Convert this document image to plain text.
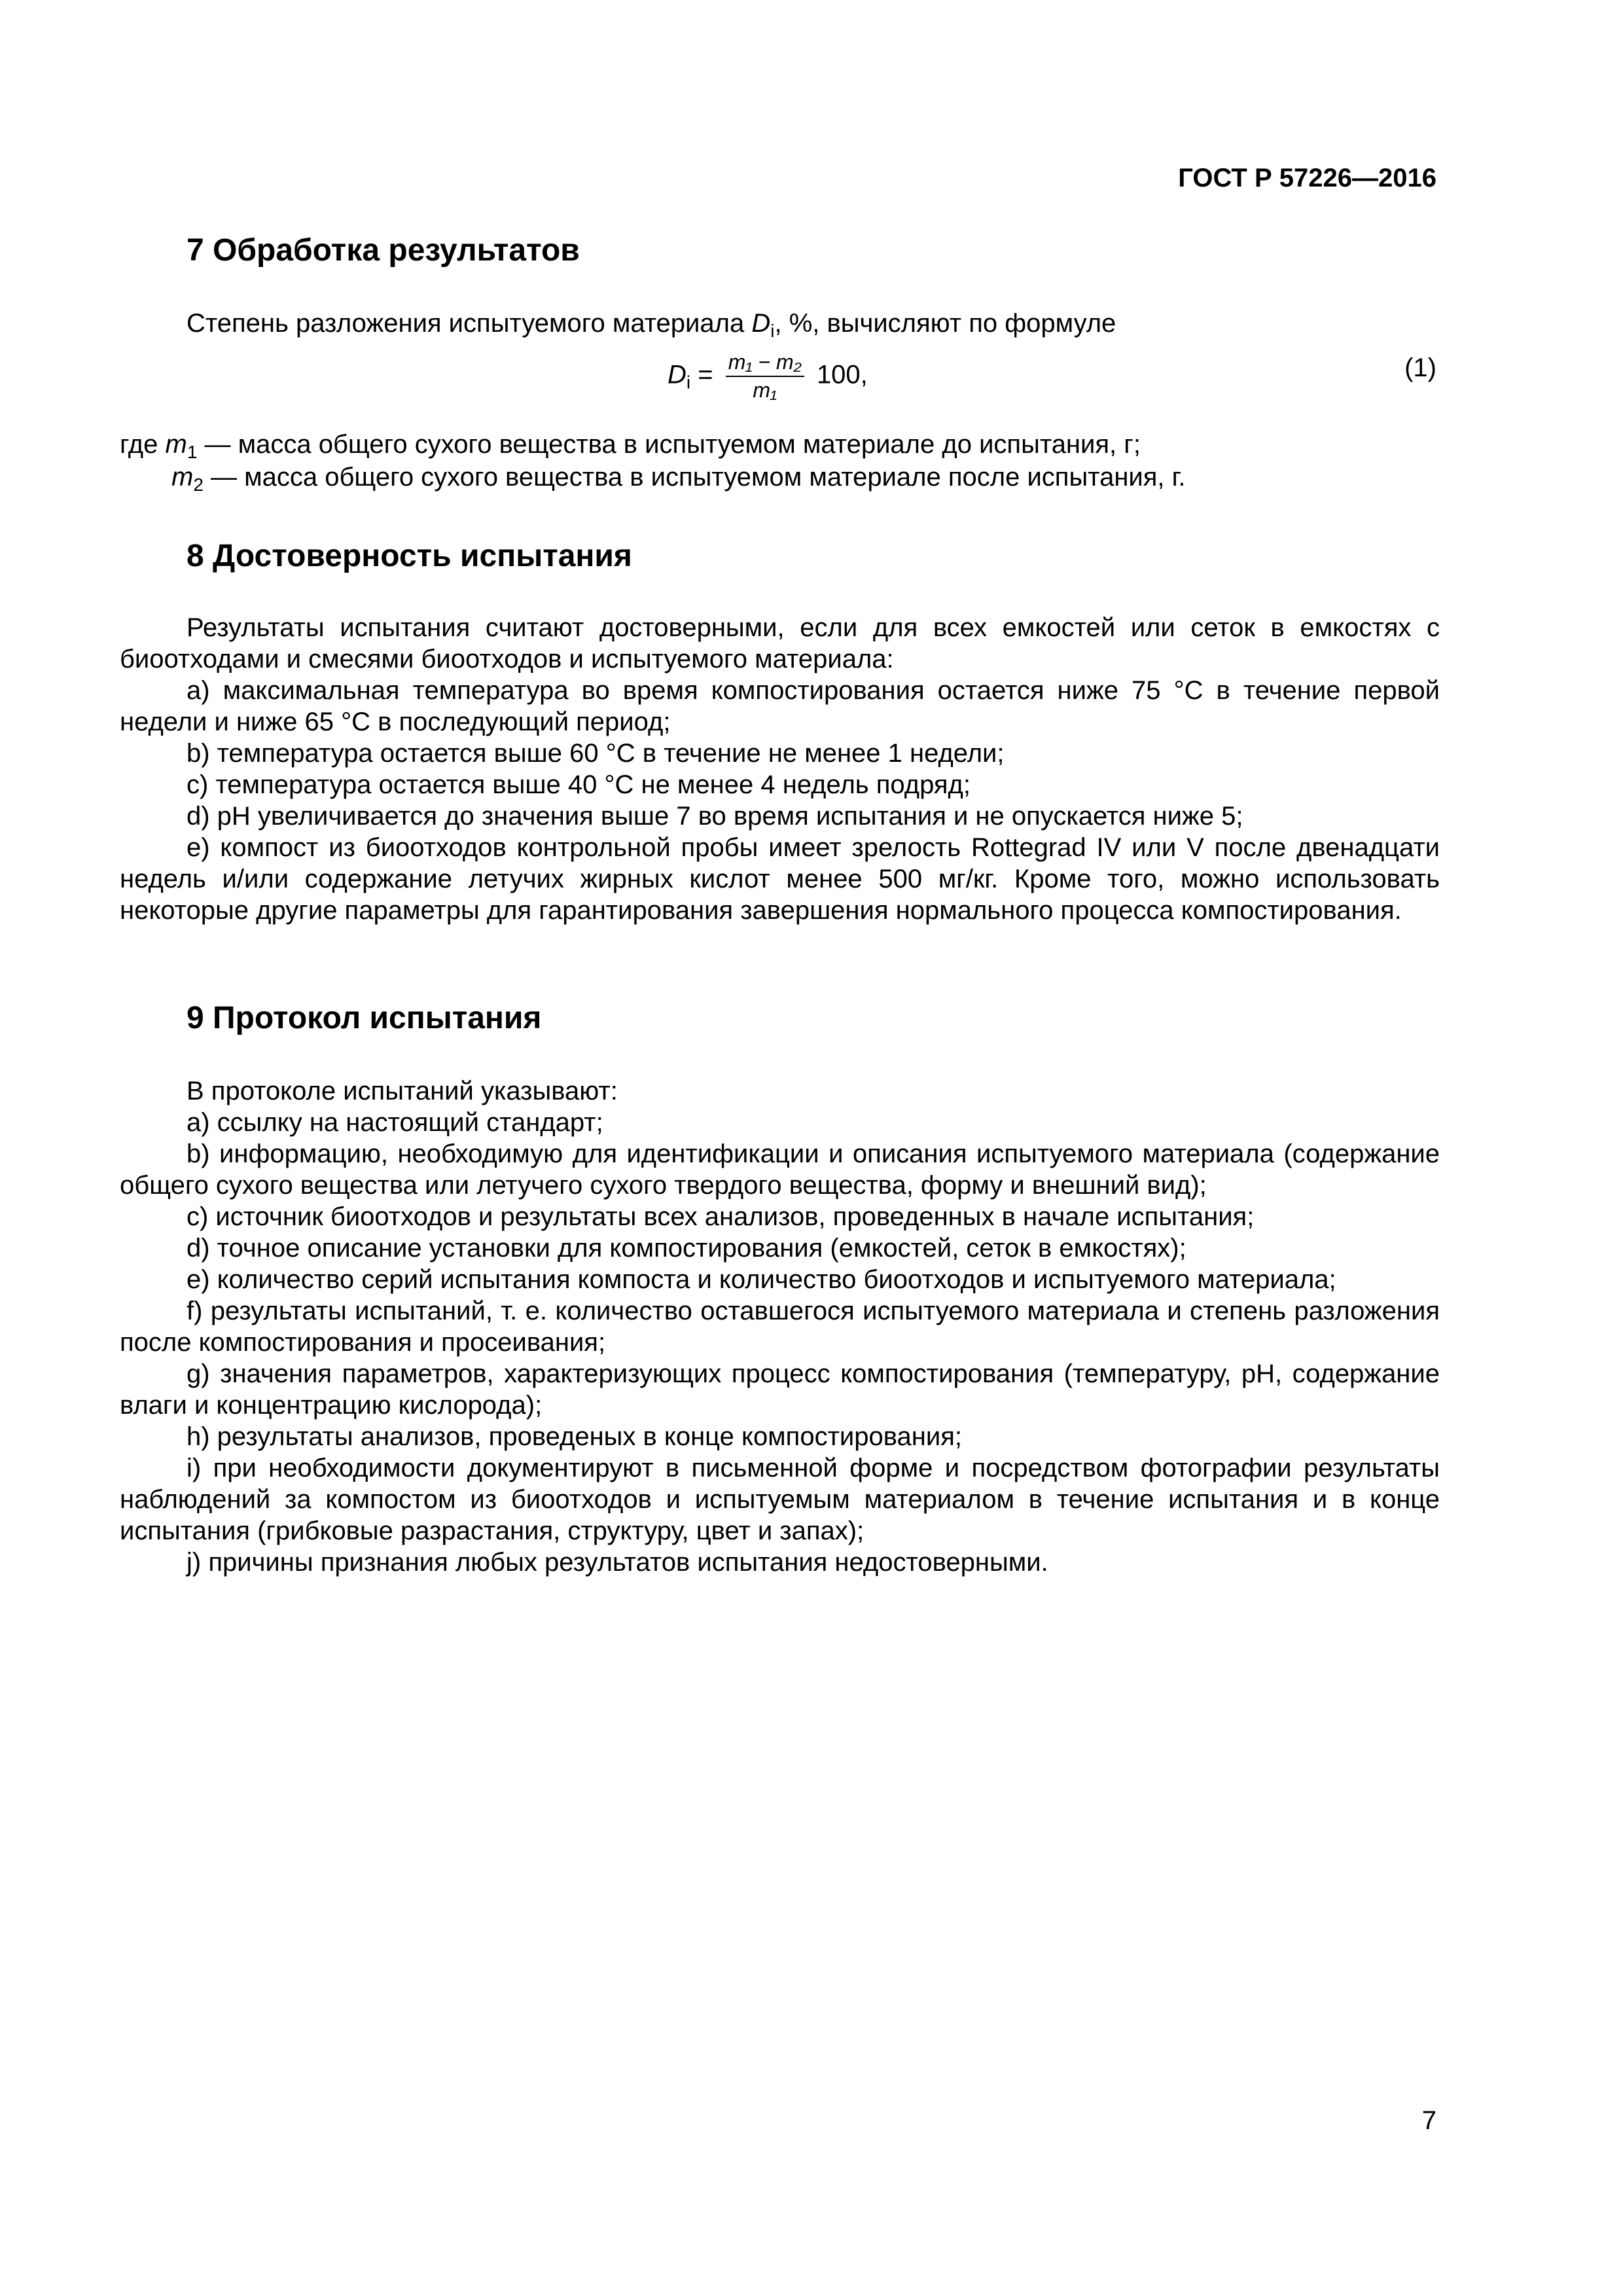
ГОСТ Р 57226—2016
7 Обработка результатов

Степень разложения испытуемого материала $D_i$, %, вычисляют по формуле

$D_i = \frac{\text{m₁ − m₂}}{\text{m₁}} 100$,	(1)
где $m_1$ — масса общего сухого вещества в испытуемом материале до испытания, г;
$m_2$ — масса общего сухого вещества в испытуемом материале после испытания, г.
8 Достоверность испытания

Результаты испытания считают достоверными, если для всех емкостей или сеток в емкостях с биоотходами и смесями биоотходов и испытуемого материала:

a) максимальная температура во время компостирования остается ниже 75 °С в течение первой недели и ниже 65 °С в последующий период;

b) температура остается выше 60 °С в течение не менее 1 недели;

c) температура остается выше 40 °С не менее 4 недель подряд;

d) pH увеличивается до значения выше 7 во время испытания и не опускается ниже 5;

e) компост из биоотходов контрольной пробы имеет зрелость Rottegrad IV или V после двенадцати недель и/или содержание летучих жирных кислот менее 500 мг/кг. Кроме того, можно использовать некоторые другие параметры для гарантирования завершения нормального процесса компостирования.

9 Протокол испытания

В протоколе испытаний указывают:

a) ссылку на настоящий стандарт;

b) информацию, необходимую для идентификации и описания испытуемого материала (содержание общего сухого вещества или летучего сухого твердого вещества, форму и внешний вид);

c) источник биоотходов и результаты всех анализов, проведенных в начале испытания;

d) точное описание установки для компостирования (емкостей, сеток в емкостях);

e) количество серий испытания компоста и количество биоотходов и испытуемого материала;

f) результаты испытаний, т. е. количество оставшегося испытуемого материала и степень разложения после компостирования и просеивания;

g) значения параметров, характеризующих процесс компостирования (температуру, pH, содержание влаги и концентрацию кислорода);

h) результаты анализов, проведеных в конце компостирования;

i) при необходимости документируют в письменной форме и посредством фотографии результаты наблюдений за компостом из биоотходов и испытуемым материалом в течение испытания и в конце испытания (грибковые разрастания, структуру, цвет и запах);

j) причины признания любых результатов испытания недостоверными.

7
